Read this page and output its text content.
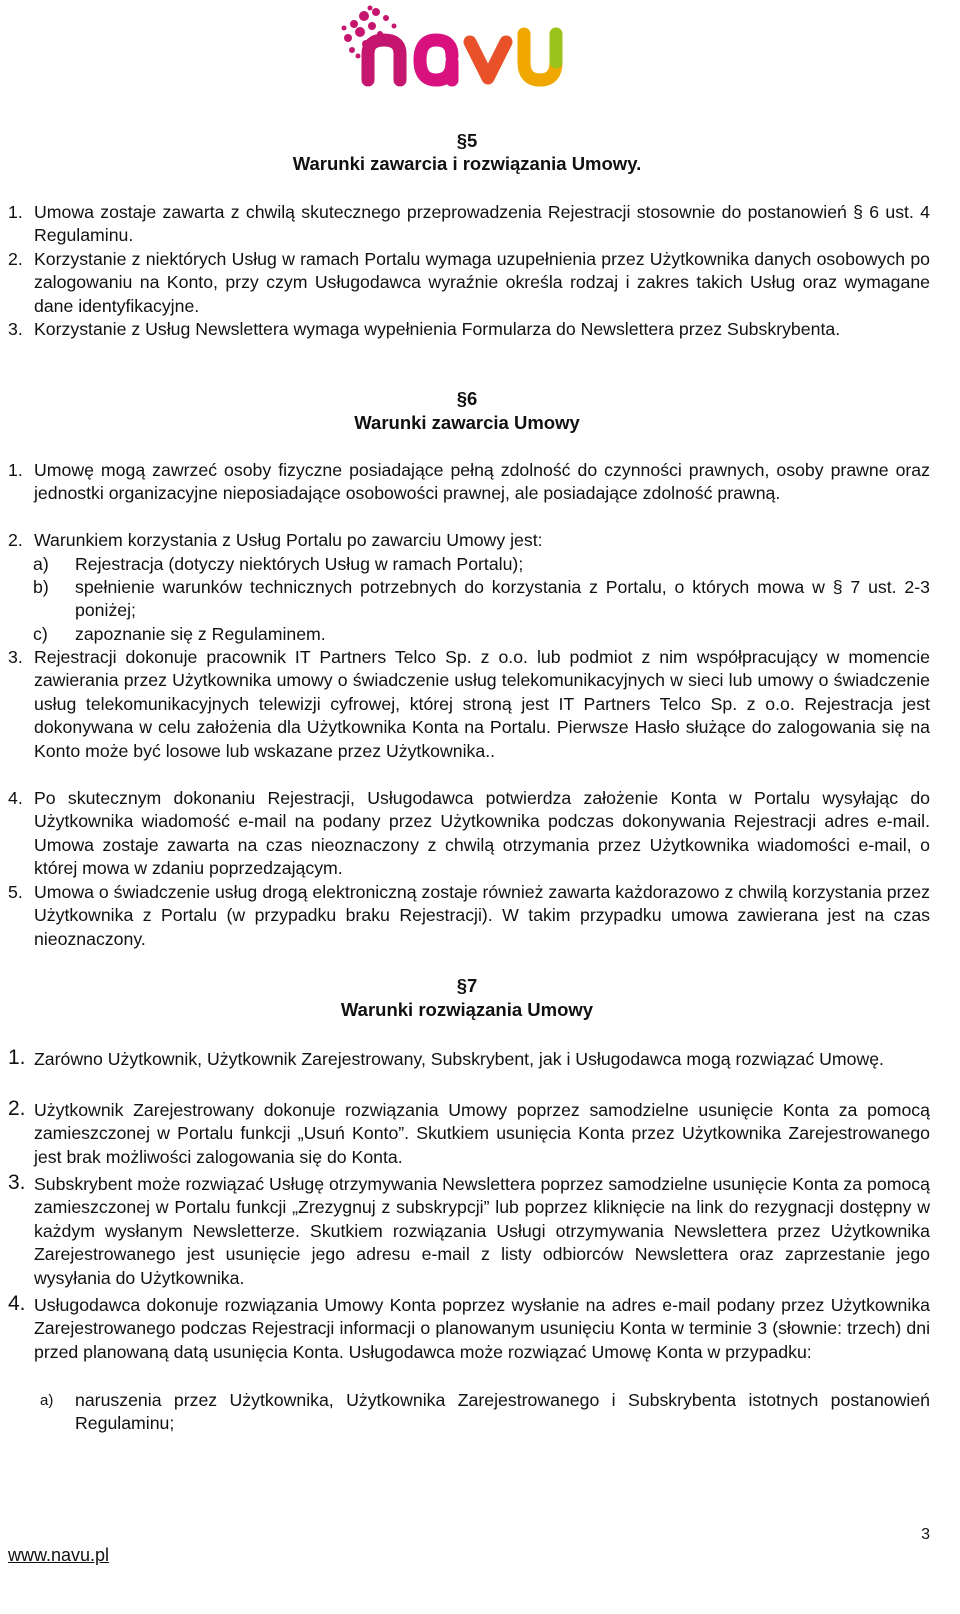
§5
Warunki zawarcia i rozwiązania Umowy.
1. Umowa zostaje zawarta z chwilą skutecznego przeprowadzenia Rejestracji stosownie do postanowień § 6 ust. 4 Regulaminu.
2. Korzystanie z niektórych Usług w ramach Portalu wymaga uzupełnienia przez Użytkownika danych osobowych po zalogowaniu na Konto, przy czym Usługodawca wyraźnie określa rodzaj i zakres takich Usług oraz wymagane dane identyfikacyjne.
3. Korzystanie z Usług Newslettera wymaga wypełnienia Formularza do Newslettera przez Subskrybenta.
§6
Warunki zawarcia Umowy
1. Umowę mogą zawrzeć osoby fizyczne posiadające pełną zdolność do czynności prawnych, osoby prawne oraz jednostki organizacyjne nieposiadające osobowości prawnej, ale posiadające zdolność prawną.
2. Warunkiem korzystania z Usług Portalu po zawarciu Umowy jest:
a) Rejestracja (dotyczy niektórych Usług w ramach Portalu);
b) spełnienie warunków technicznych potrzebnych do korzystania z Portalu, o których mowa w § 7 ust. 2-3 poniżej;
c) zapoznanie się z Regulaminem.
3. Rejestracji dokonuje pracownik IT Partners Telco Sp. z o.o. lub podmiot z nim współpracujący w momencie zawierania przez Użytkownika umowy o świadczenie usług telekomunikacyjnych w sieci lub umowy o świadczenie usług telekomunikacyjnych telewizji cyfrowej, której stroną jest IT Partners Telco Sp. z o.o. Rejestracja jest dokonywana w celu założenia dla Użytkownika Konta na Portalu. Pierwsze Hasło służące do zalogowania się na Konto może być losowe lub wskazane przez Użytkownika..
4. Po skutecznym dokonaniu Rejestracji, Usługodawca potwierdza założenie Konta w Portalu wysyłając do Użytkownika wiadomość e-mail na podany przez Użytkownika podczas dokonywania Rejestracji adres e-mail. Umowa zostaje zawarta na czas nieoznaczony z chwilą otrzymania przez Użytkownika wiadomości e-mail, o której mowa w zdaniu poprzedzającym.
5. Umowa o świadczenie usług drogą elektroniczną zostaje również zawarta każdorazowo z chwilą korzystania przez Użytkownika z Portalu (w przypadku braku Rejestracji). W takim przypadku umowa zawierana jest na czas nieoznaczony.
§7
Warunki rozwiązania Umowy
1. Zarówno Użytkownik, Użytkownik Zarejestrowany, Subskrybent, jak i Usługodawca mogą rozwiązać Umowę.
2. Użytkownik Zarejestrowany dokonuje rozwiązania Umowy poprzez samodzielne usunięcie Konta za pomocą zamieszczonej w Portalu funkcji „Usuń Konto”. Skutkiem usunięcia Konta przez Użytkownika Zarejestrowanego jest brak możliwości zalogowania się do Konta.
3. Subskrybent może rozwiązać Usługę otrzymywania Newslettera poprzez samodzielne usunięcie Konta za pomocą zamieszczonej w Portalu funkcji „Zrezygnuj z subskrypcji” lub poprzez kliknięcie na link do rezygnacji dostępny w każdym wysłanym Newsletterze. Skutkiem rozwiązania Usługi otrzymywania Newslettera przez Użytkownika Zarejestrowanego jest usunięcie jego adresu e-mail z listy odbiorców Newslettera oraz zaprzestanie jego wysyłania do Użytkownika.
4. Usługodawca dokonuje rozwiązania Umowy Konta poprzez wysłanie na adres e-mail podany przez Użytkownika Zarejestrowanego podczas Rejestracji informacji o planowanym usunięciu Konta w terminie 3 (słownie: trzech) dni przed planowaną datą usunięcia Konta. Usługodawca może rozwiązać Umowę Konta w przypadku:
a) naruszenia przez Użytkownika, Użytkownika Zarejestrowanego i Subskrybenta istotnych postanowień Regulaminu;
3
www.navu.pl
